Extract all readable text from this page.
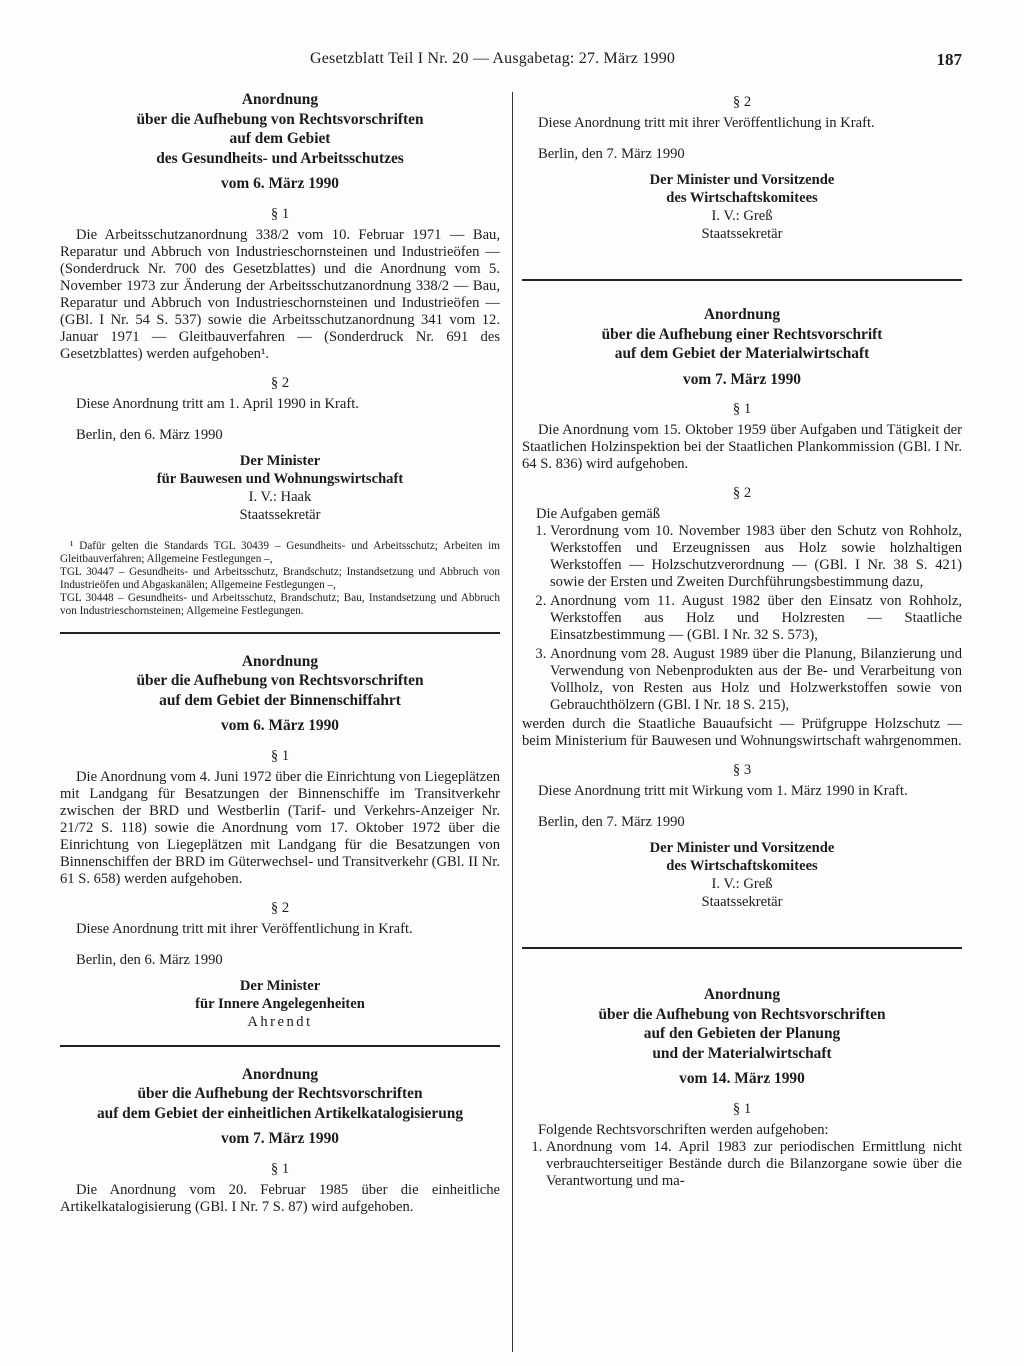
Gesetzblatt Teil I Nr. 20 — Ausgabetag: 27. März 1990	187
Anordnung
über die Aufhebung von Rechtsvorschriften
auf dem Gebiet
des Gesundheits- und Arbeitsschutzes
vom 6. März 1990
§ 1

Die Arbeitsschutzanordnung 338/2 vom 10. Februar 1971 — Bau, Reparatur und Abbruch von Industrieschornsteinen und Industrieöfen — (Sonderdruck Nr. 700 des Gesetzblattes) und die Anordnung vom 5. November 1973 zur Änderung der Arbeitsschutzanordnung 338/2 — Bau, Reparatur und Abbruch von Industrieschornsteinen und Industrieöfen — (GBl. I Nr. 54 S. 537) sowie die Arbeitsschutzanordnung 341 vom 12. Januar 1971 — Gleitbauverfahren — (Sonderdruck Nr. 691 des Gesetzblattes) werden aufgehoben¹.

§ 2

Diese Anordnung tritt am 1. April 1990 in Kraft.

Berlin, den 6. März 1990
Der Minister
für Bauwesen und Wohnungswirtschaft
I. V.: Haak
Staatssekretär
¹ Dafür gelten die Standards TGL 30439 – Gesundheits- und Arbeitsschutz; Arbeiten im Gleitbauverfahren; Allgemeine Festlegungen –,
TGL 30447 – Gesundheits- und Arbeitsschutz, Brandschutz; Instandsetzung und Abbruch von Industrieöfen und Abgaskanälen; Allgemeine Festlegungen –,
TGL 30448 – Gesundheits- und Arbeitsschutz, Brandschutz; Bau, Instandsetzung und Abbruch von Industrieschornsteinen; Allgemeine Festlegungen.
Anordnung
über die Aufhebung von Rechtsvorschriften
auf dem Gebiet der Binnenschiffahrt
vom 6. März 1990
§ 1

Die Anordnung vom 4. Juni 1972 über die Einrichtung von Liegeplätzen mit Landgang für Besatzungen der Binnenschiffe im Transitverkehr zwischen der BRD und Westberlin (Tarif- und Verkehrs-Anzeiger Nr. 21/72 S. 118) sowie die Anordnung vom 17. Oktober 1972 über die Einrichtung von Liegeplätzen mit Landgang für die Besatzungen von Binnenschiffen der BRD im Güterwechsel- und Transitverkehr (GBl. II Nr. 61 S. 658) werden aufgehoben.

§ 2

Diese Anordnung tritt mit ihrer Veröffentlichung in Kraft.

Berlin, den 6. März 1990
Der Minister
für Innere Angelegenheiten
Ahrendt
Anordnung
über die Aufhebung der Rechtsvorschriften
auf dem Gebiet der einheitlichen Artikelkatalogisierung
vom 7. März 1990
§ 1

Die Anordnung vom 20. Februar 1985 über die einheitliche Artikelkatalogisierung (GBl. I Nr. 7 S. 87) wird aufgehoben.

§ 2

Diese Anordnung tritt mit ihrer Veröffentlichung in Kraft.

Berlin, den 7. März 1990
Der Minister und Vorsitzende
des Wirtschaftskomitees
I. V.: Greß
Staatssekretär
Anordnung
über die Aufhebung einer Rechtsvorschrift
auf dem Gebiet der Materialwirtschaft
vom 7. März 1990
§ 1

Die Anordnung vom 15. Oktober 1959 über Aufgaben und Tätigkeit der Staatlichen Holzinspektion bei der Staatlichen Plankommission (GBl. I Nr. 64 S. 836) wird aufgehoben.

§ 2

Die Aufgaben gemäß

1. Verordnung vom 10. November 1983 über den Schutz von Rohholz, Werkstoffen und Erzeugnissen aus Holz sowie holzhaltigen Werkstoffen — Holzschutzverordnung — (GBl. I Nr. 38 S. 421) sowie der Ersten und Zweiten Durchführungsbestimmung dazu,
2. Anordnung vom 11. August 1982 über den Einsatz von Rohholz, Werkstoffen aus Holz und Holzresten — Staatliche Einsatzbestimmung — (GBl. I Nr. 32 S. 573),
3. Anordnung vom 28. August 1989 über die Planung, Bilanzierung und Verwendung von Nebenprodukten aus der Be- und Verarbeitung von Vollholz, von Resten aus Holz und Holzwerkstoffen sowie von Gebrauchthölzern (GBl. I Nr. 18 S. 215),

werden durch die Staatliche Bauaufsicht — Prüfgruppe Holzschutz — beim Ministerium für Bauwesen und Wohnungswirtschaft wahrgenommen.

§ 3

Diese Anordnung tritt mit Wirkung vom 1. März 1990 in Kraft.

Berlin, den 7. März 1990
Der Minister und Vorsitzende
des Wirtschaftskomitees
I. V.: Greß
Staatssekretär
Anordnung
über die Aufhebung von Rechtsvorschriften
auf den Gebieten der Planung
und der Materialwirtschaft
vom 14. März 1990
§ 1

Folgende Rechtsvorschriften werden aufgehoben:

1. Anordnung vom 14. April 1983 zur periodischen Ermittlung nicht verbrauchterseitiger Bestände durch die Bilanzorgane sowie über die Verantwortung und ma-
